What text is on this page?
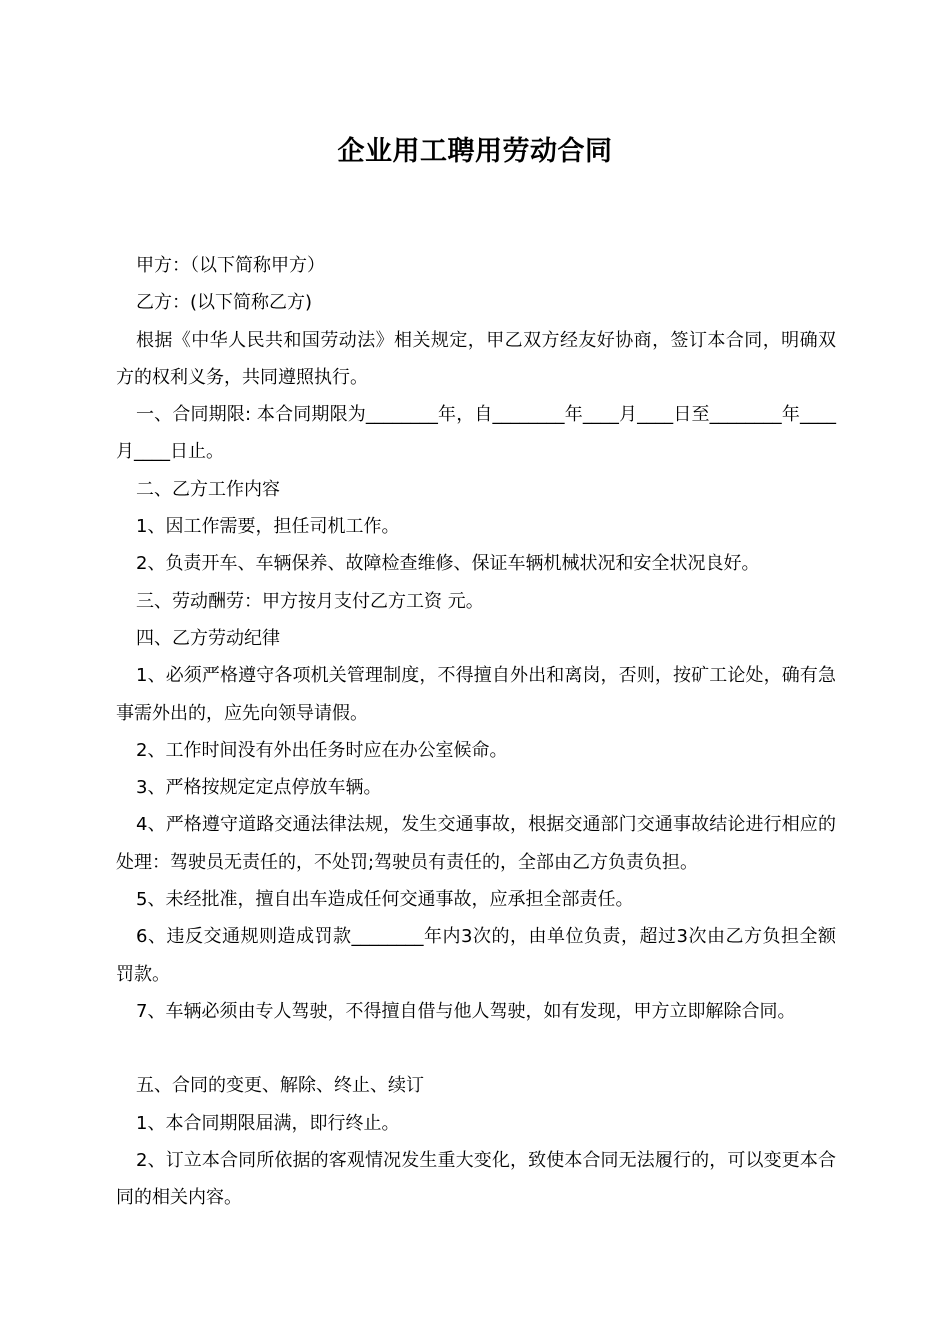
企业用工聘用劳动合同

甲方：（以下简称甲方）

乙方：(以下简称乙方)

根据《中华人民共和国劳动法》相关规定，甲乙双方经友好协商，签订本合同，明确双方的权利义务，共同遵照执行。

一、合同期限: 本合同期限为________年，自________年____月____日至________年____月____日止。

二、乙方工作内容

1、因工作需要，担任司机工作。

2、负责开车、车辆保养、故障检查维修、保证车辆机械状况和安全状况良好。

三、劳动酬劳：甲方按月支付乙方工资 元。

四、乙方劳动纪律

1、必须严格遵守各项机关管理制度，不得擅自外出和离岗，否则，按矿工论处，确有急事需外出的，应先向领导请假。

2、工作时间没有外出任务时应在办公室候命。

3、严格按规定定点停放车辆。

4、严格遵守道路交通法律法规，发生交通事故，根据交通部门交通事故结论进行相应的处理：驾驶员无责任的，不处罚;驾驶员有责任的，全部由乙方负责负担。

5、未经批准，擅自出车造成任何交通事故，应承担全部责任。

6、违反交通规则造成罚款________年内3次的，由单位负责，超过3次由乙方负担全额罚款。

7、车辆必须由专人驾驶，不得擅自借与他人驾驶，如有发现，甲方立即解除合同。

五、合同的变更、解除、终止、续订

1、本合同期限届满，即行终止。

2、订立本合同所依据的客观情况发生重大变化，致使本合同无法履行的，可以变更本合同的相关内容。
